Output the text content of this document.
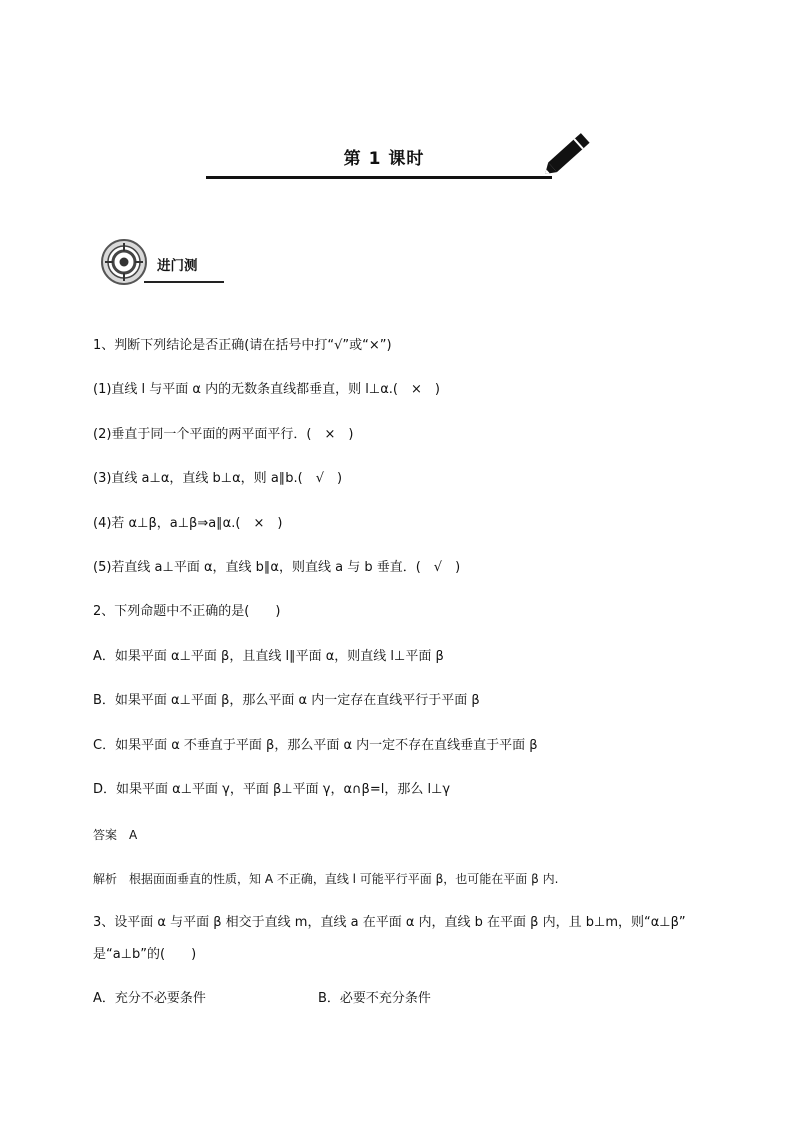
第 1 课时
进门测
1、判断下列结论是否正确(请在括号中打“√”或“×”)
(1)直线 l 与平面 α 内的无数条直线都垂直，则 l⊥α.(　×　)
(2)垂直于同一个平面的两平面平行．(　×　)
(3)直线 a⊥α，直线 b⊥α，则 a∥b.(　√　)
(4)若 α⊥β，a⊥β⇒a∥α.(　×　)
(5)若直线 a⊥平面 α，直线 b∥α，则直线 a 与 b 垂直．(　√　)
2、下列命题中不正确的是(　　)
A．如果平面 α⊥平面 β，且直线 l∥平面 α，则直线 l⊥平面 β
B．如果平面 α⊥平面 β，那么平面 α 内一定存在直线平行于平面 β
C．如果平面 α 不垂直于平面 β，那么平面 α 内一定不存在直线垂直于平面 β
D．如果平面 α⊥平面 γ，平面 β⊥平面 γ，α∩β=l，那么 l⊥γ
答案　A
解析　根据面面垂直的性质，知 A 不正确，直线 l 可能平行平面 β，也可能在平面 β 内.
3、设平面 α 与平面 β 相交于直线 m，直线 a 在平面 α 内，直线 b 在平面 β 内，且 b⊥m，则“α⊥β”
是“a⊥b”的(　　)
A．充分不必要条件	B．必要不充分条件
